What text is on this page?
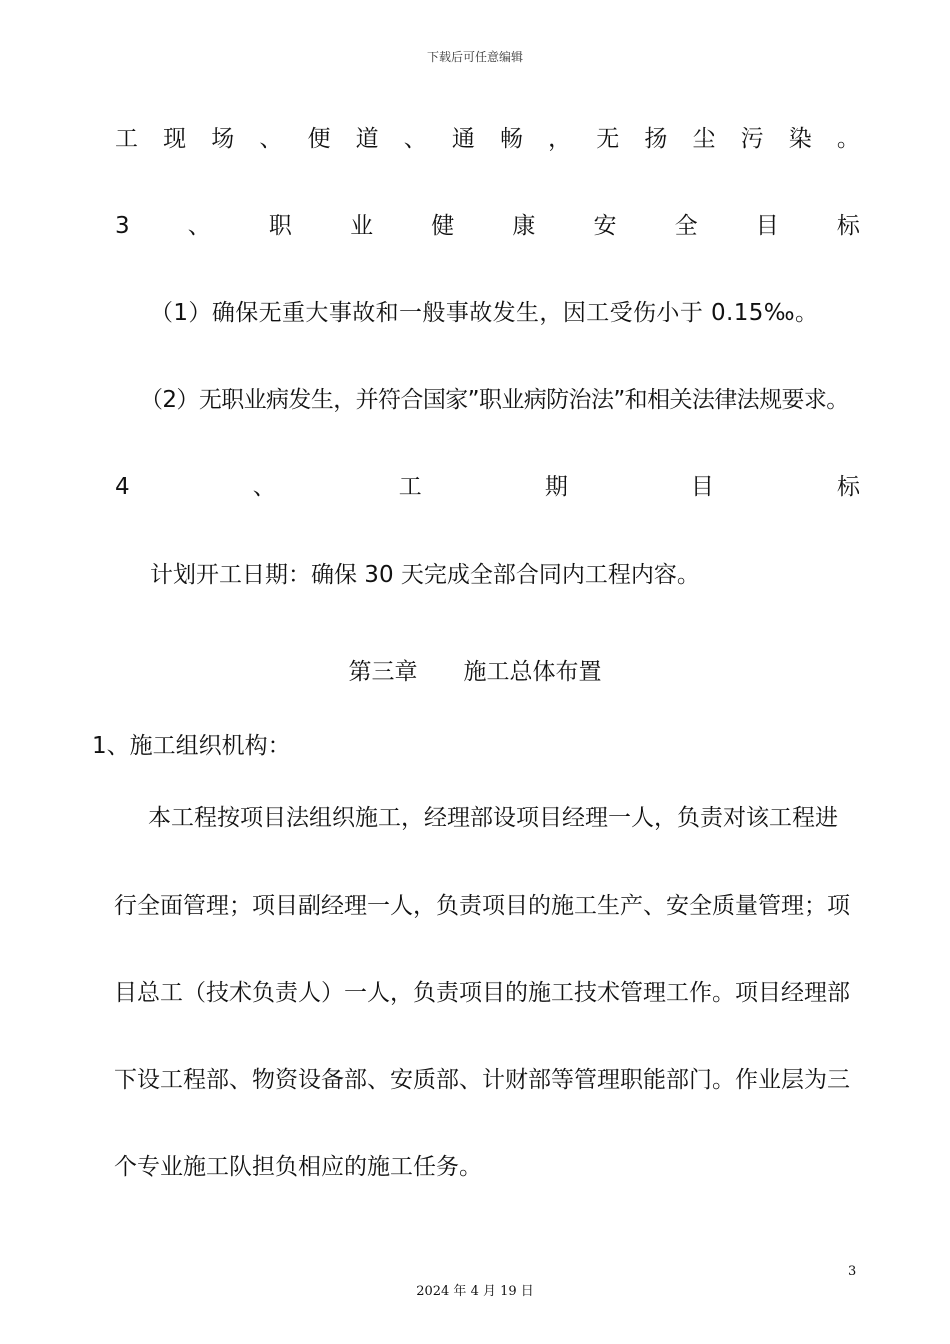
下载后可任意编辑
工 现 场 、 便 道 、 通 畅 ， 无 扬 尘 污 染 。
3	、	职	业	健	康	安	全	目	标
（1）确保无重大事故和一般事故发生，因工受伤小于 0.15‰。
（2）无职业病发生，并符合国家”职业病防治法”和相关法律法规要求。
4	、	工	期	目	标
计划开工日期：确保 30 天完成全部合同内工程内容。
第三章　　施工总体布置
1、施工组织机构：
本工程按项目法组织施工，经理部设项目经理一人，负责对该工程进
行全面管理；项目副经理一人，负责项目的施工生产、安全质量管理；项
目总工（技术负责人）一人，负责项目的施工技术管理工作。项目经理部
下设工程部、物资设备部、安质部、计财部等管理职能部门。作业层为三
个专业施工队担负相应的施工任务。
3
2024 年 4 月 19 日
